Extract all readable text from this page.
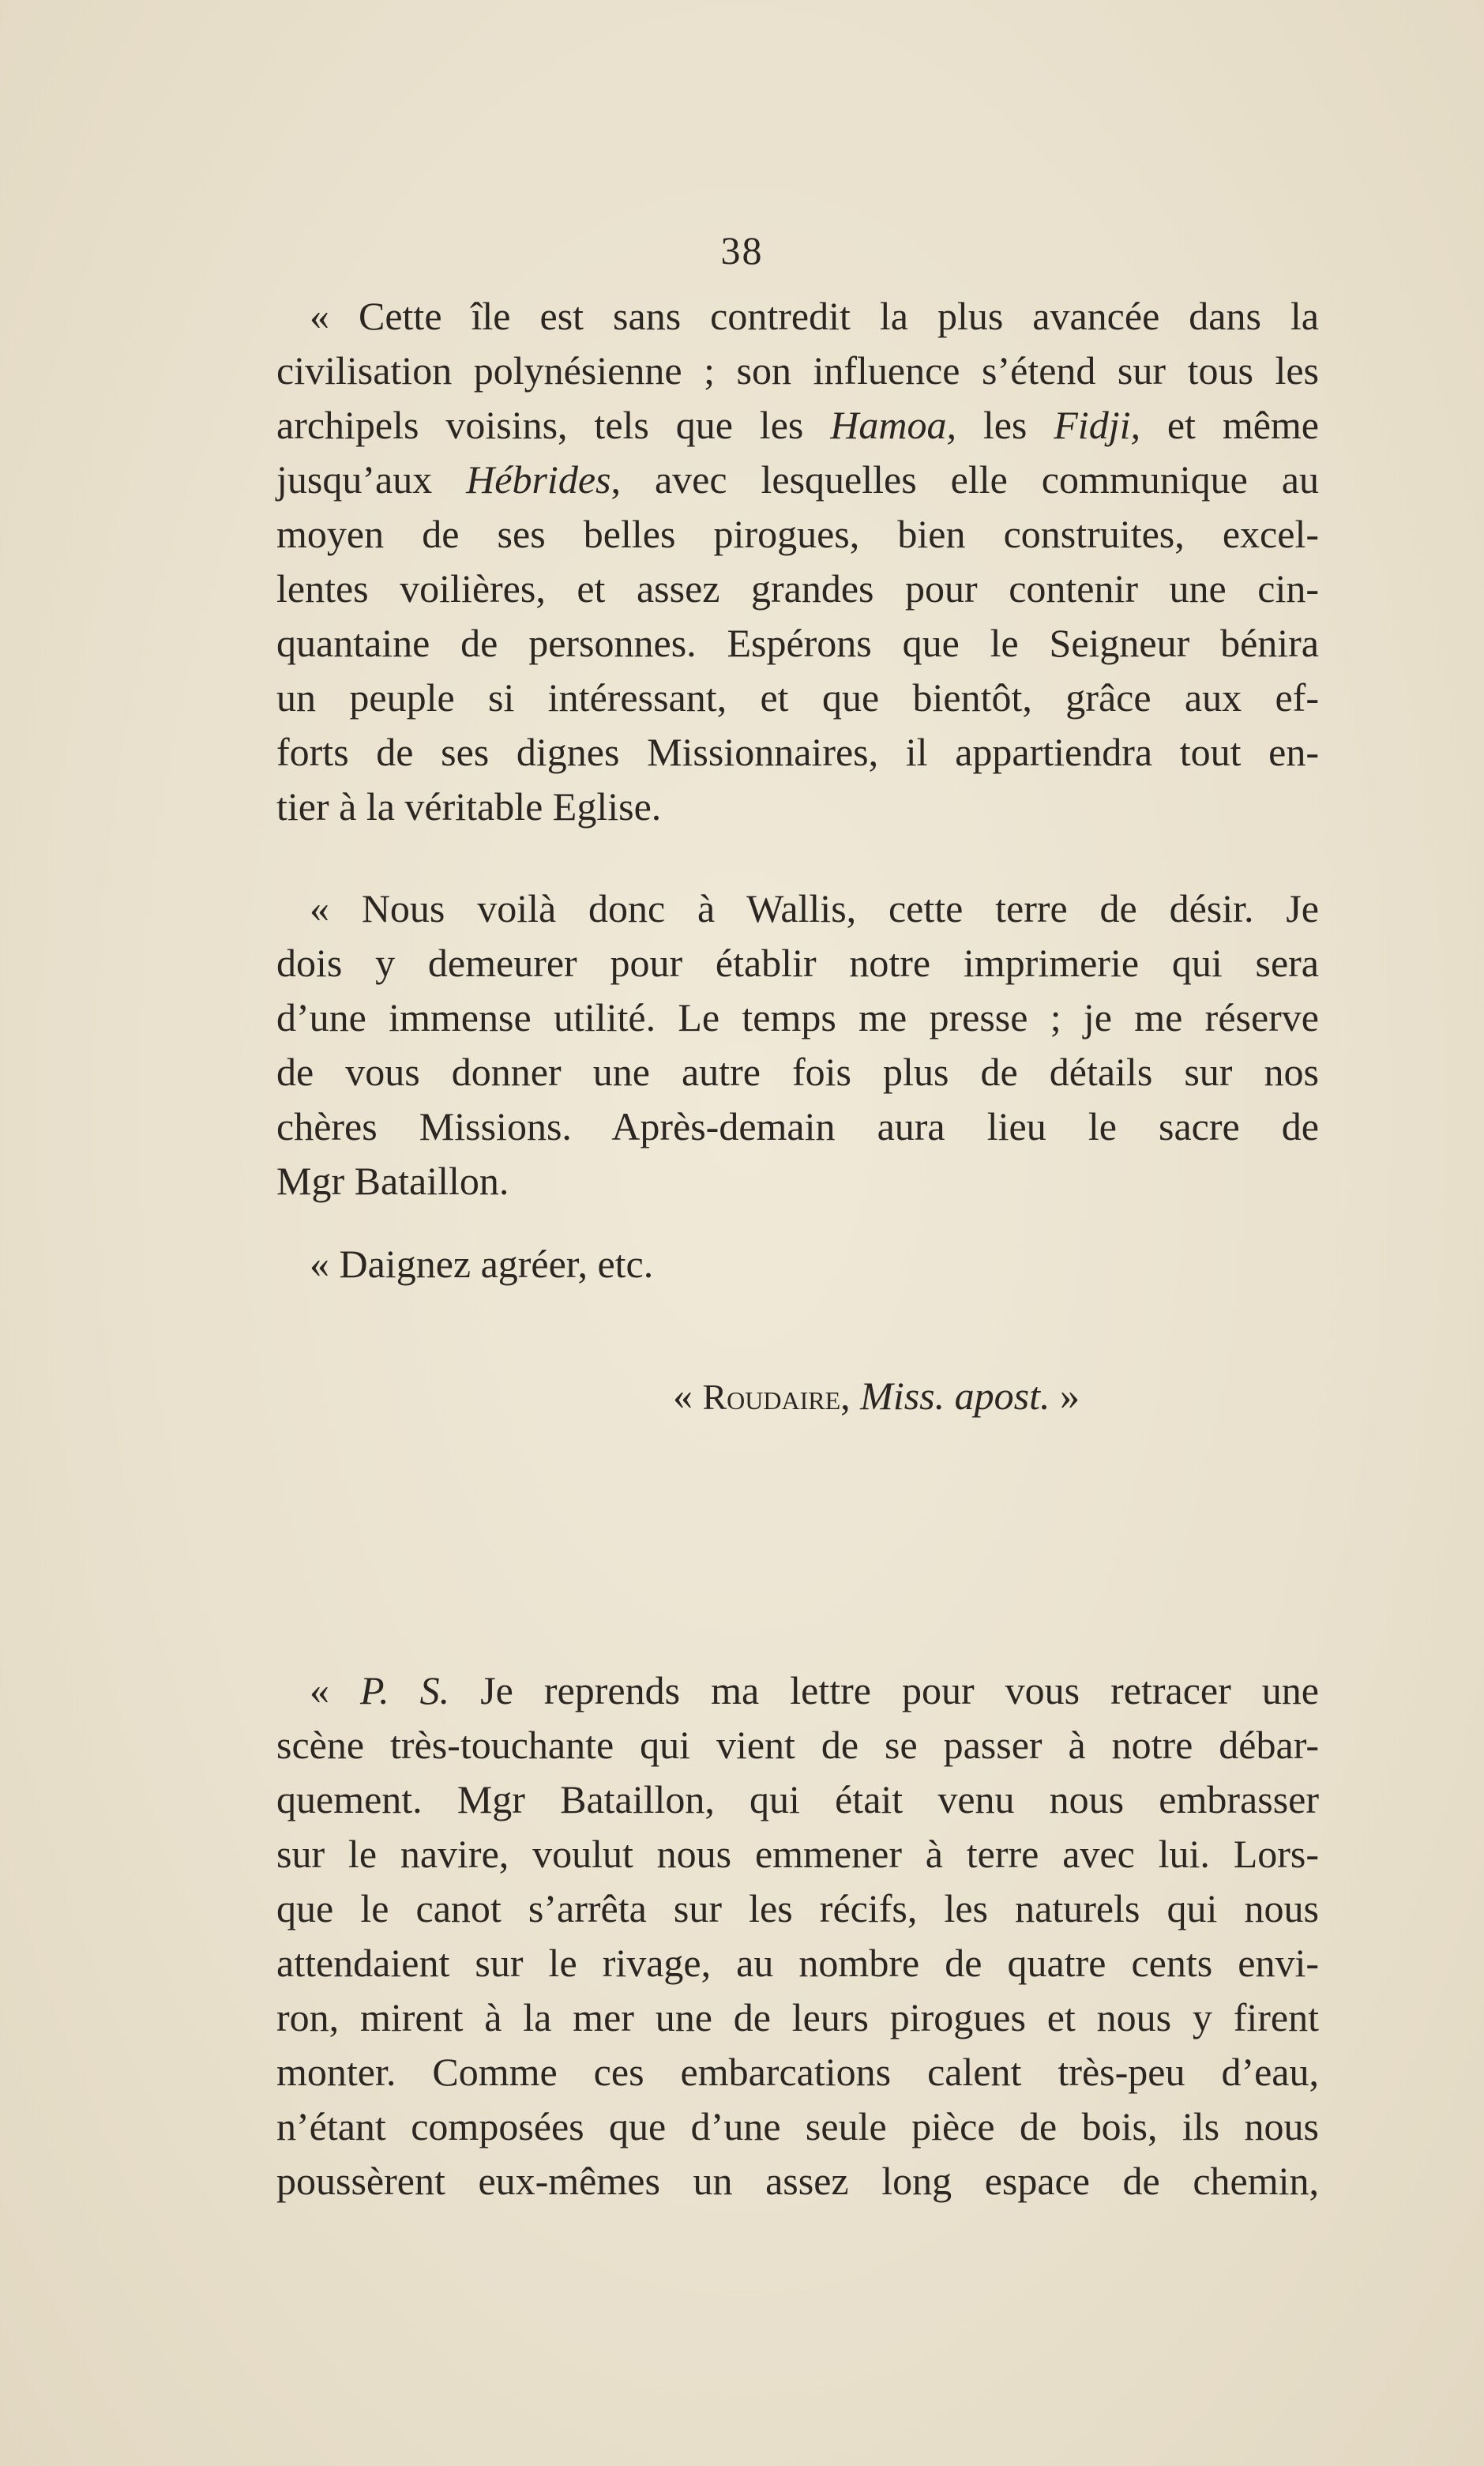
38
« Cette île est sans contredit la plus avancée dans la
civilisation polynésienne ; son influence s’étend sur tous les
archipels voisins, tels que les Hamoa, les Fidji, et même
jusqu’aux Hébrides, avec lesquelles elle communique au
moyen de ses belles pirogues, bien construites, excel-
lentes voilières, et assez grandes pour contenir une cin-
quantaine de personnes. Espérons que le Seigneur bénira
un peuple si intéressant, et que bientôt, grâce aux ef-
forts de ses dignes Missionnaires, il appartiendra tout en-
tier à la véritable Eglise.
« Nous voilà donc à Wallis, cette terre de désir. Je
dois y demeurer pour établir notre imprimerie qui sera
d’une immense utilité. Le temps me presse ; je me réserve
de vous donner une autre fois plus de détails sur nos
chères Missions. Après-demain aura lieu le sacre de
Mgr Bataillon.
« Daignez agréer, etc.
« Roudaire, Miss. apost. »
« P. S. Je reprends ma lettre pour vous retracer une
scène très-touchante qui vient de se passer à notre débar-
quement. Mgr Bataillon, qui était venu nous embrasser
sur le navire, voulut nous emmener à terre avec lui. Lors-
que le canot s’arrêta sur les récifs, les naturels qui nous
attendaient sur le rivage, au nombre de quatre cents envi-
ron, mirent à la mer une de leurs pirogues et nous y firent
monter. Comme ces embarcations calent très-peu d’eau,
n’étant composées que d’une seule pièce de bois, ils nous
poussèrent eux-mêmes un assez long espace de chemin,
